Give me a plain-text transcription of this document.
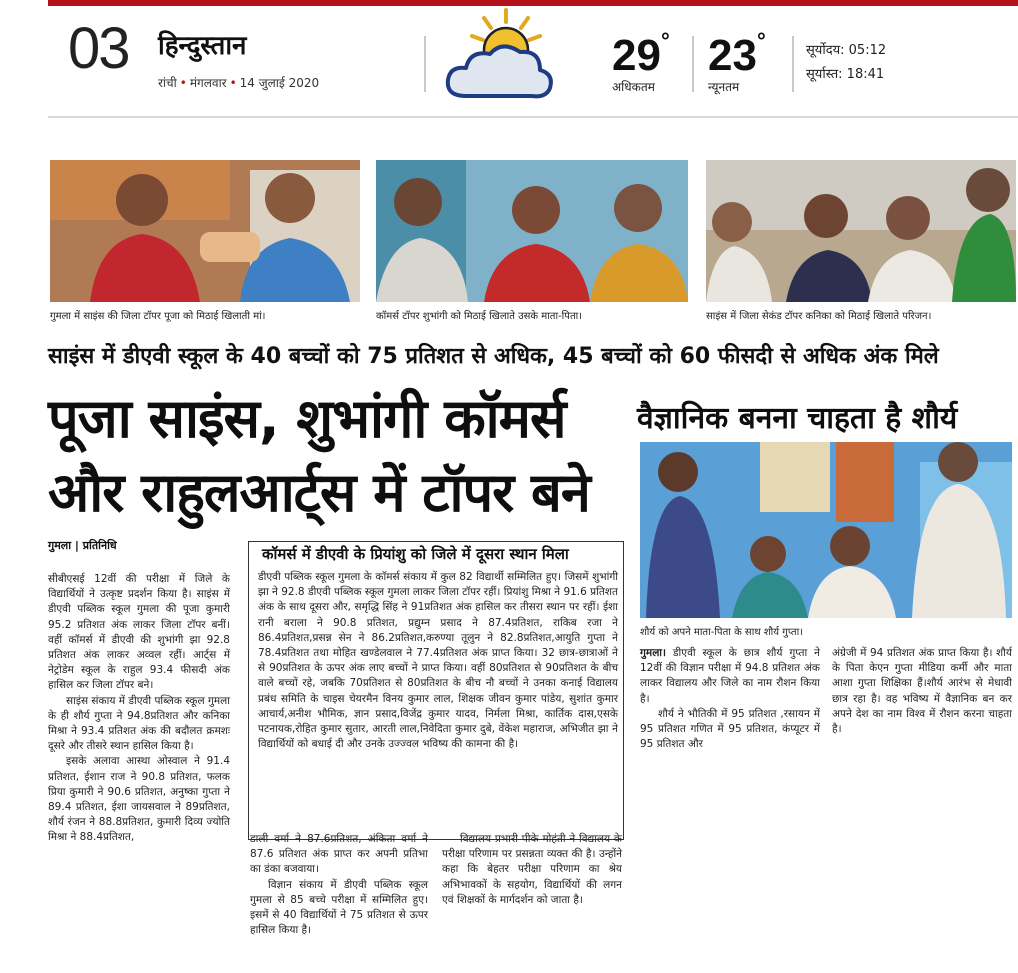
03 हिन्दुस्तान
रांची • मंगलवार • 14 जुलाई 2020
29°
अधिकतम
23°
न्यूनतम
सूर्योदय: 05:12
सूर्यास्त: 18:41
गुमला में साइंस की जिला टॉपर पूजा को मिठाई खिलाती मां।	कॉमर्स टॉपर शुभांगी को मिठाई खिलाते उसके माता-पिता।	साइंस में जिला सेकंड टॉपर कनिका को मिठाई खिलाते परिजन।
साइंस में डीएवी स्कूल के 40 बच्चों को 75 प्रतिशत से अधिक, 45 बच्चों को 60 फीसदी से अधिक अंक मिले
पूजा साइंस, शुभांगी कॉमर्स
और राहुलआर्ट्स में टॉपर बने
वैज्ञानिक बनना चाहता है शौर्य
शौर्य को अपने माता-पिता के साथ शौर्य गुप्ता।
गुमला | प्रतिनिधि

सीबीएसई 12वीं की परीक्षा में जिले के विद्यार्थियों ने उत्कृष्ट प्रदर्शन किया है। साइंस में डीएवी पब्लिक स्कूल गुमला की पूजा कुमारी 95.2 प्रतिशत अंक लाकर जिला टॉपर बनीं। वहीं कॉमर्स में डीएवी की शुभांगी झा 92.8 प्रतिशत अंक लाकर अव्वल रहीं। आर्ट्स में नेट्रोडेम स्कूल के राहुल 93.4 फीसदी अंक हासिल कर जिला टॉपर बने।

साइंस संकाय में डीएवी पब्लिक स्कूल गुमला के ही शौर्य गुप्ता ने 94.8प्रतिशत और कनिका मिश्रा ने 93.4 प्रतिशत अंक की बदौलत क्रमशः दूसरे और तीसरे स्थान हासिल किया है।

इसके अलावा आस्था ओस्वाल ने 91.4 प्रतिशत, ईशान राज ने 90.8 प्रतिशत, फलक प्रिया कुमारी ने 90.6 प्रतिशत, अनुष्का गुप्ता ने 89.4 प्रतिशत, ईशा जायसवाल ने 89प्रतिशत, शौर्य रंजन ने 88.8प्रतिशत, कुमारी दिव्य ज्योति मिश्रा ने 88.4प्रतिशत,

कॉमर्स में डीएवी के प्रियांशु को जिले में दूसरा स्थान मिला
डीएवी पब्लिक स्कूल गुमला के कॉमर्स संकाय में कुल 82 विद्यार्थी सम्मिलित हुए। जिसमें शुभांगी झा ने 92.8 डीएवी पब्लिक स्कूल गुमला लाकर जिला टॉपर रहीं। प्रियांशु मिश्रा ने 91.6 प्रतिशत अंक के साथ दूसरा और, समृद्धि सिंह ने 91प्रतिशत अंक हासिल कर तीसरा स्थान पर रहीं। ईशा रानी बराला ने 90.8 प्रतिशत, प्रद्युम्न प्रसाद ने 87.4प्रतिशत, राकिब रजा ने 86.4प्रतिशत,प्रसन्न सेन ने 86.2प्रतिशत,करुण्या तूलुन ने 82.8प्रतिशत,आयुति गुप्ता ने 78.4प्रतिशत तथा मोहित खण्डेलवाल ने 77.4प्रतिशत अंक प्राप्त किया। 32 छात्र-छात्राओं ने से 90प्रतिशत के ऊपर अंक लाए बच्चों ने प्राप्त किया। वहीं 80प्रतिशत से 90प्रतिशत के बीच वाले बच्चों रहे, जबकि 70प्रतिशत से 80प्रतिशत के बीच नौ बच्चों ने उनका कनाई विद्यालय प्रबंध समिति के चाइस चेयरमैन विनय कुमार लाल, शिक्षक जीवन कुमार पांडेय, सुशांत कुमार आचार्य,अनीश भौमिक, ज्ञान प्रसाद,विजेंद्र कुमार यादव, निर्मला मिश्रा, कार्तिक दास,एसके पटनायक,रोहित कुमार सुतार, आरती लाल,निवेदिता कुमार दुबे, वेंकेश महाराज, अभिजीत झा ने विद्यार्थियों को बधाई दी और उनके उज्ज्वल भविष्य की कामना की है।

डाली वर्मा ने 87.6प्रतिशत, अंकिता वर्मा ने 87.6 प्रतिशत अंक प्राप्त कर अपनी प्रतिभा का डंका बजवाया।

विज्ञान संकाय में डीएवी पब्लिक स्कूल गुमला से 85 बच्चे परीक्षा में सम्मिलित हुए। इसमें से 40 विद्यार्थियों ने 75 प्रतिशत से ऊपर हासिल किया है।

विद्यालय प्रभारी पीके मोहंती ने विद्यालय के परीक्षा परिणाम पर प्रसन्नता व्यक्त की है। उन्होंने कहा कि बेहतर परीक्षा परिणाम का श्रेय अभिभावकों के सहयोग, विद्यार्थियों की लगन एवं शिक्षकों के मार्गदर्शन को जाता है।

गुमला। डीएवी स्कूल के छात्र शौर्य गुप्ता ने 12वीं की विज्ञान परीक्षा में 94.8 प्रतिशत अंक लाकर विद्यालय और जिले का नाम रौशन किया है।

शौर्य ने भौतिकी में 95 प्रतिशत ,रसायन में 95 प्रतिशत गणित में 95 प्रतिशत, कंप्यूटर में 95 प्रतिशत और

अंग्रेजी में 94 प्रतिशत अंक प्राप्त किया है। शौर्य के पिता केएन गुप्ता मीडिया कर्मी और माता आशा गुप्ता शिक्षिका हैं।शौर्य आरंभ से मेधावी छात्र रहा है। वह भविष्य में वैज्ञानिक बन कर अपने देश का नाम विश्व में रौशन करना चाहता है।
